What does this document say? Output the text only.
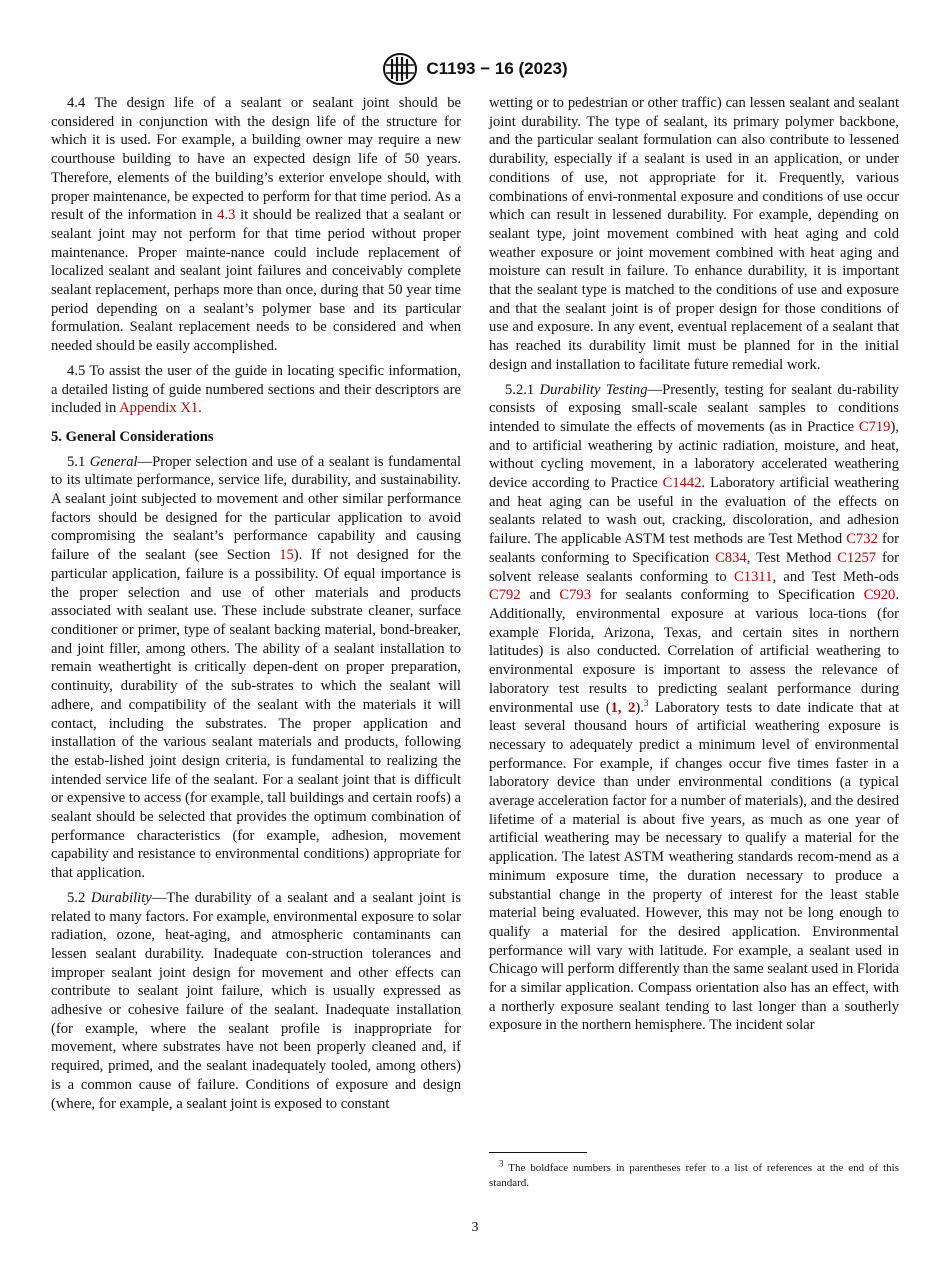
C1193 − 16 (2023)

4.4 The design life of a sealant or sealant joint should be considered in conjunction with the design life of the structure for which it is used. For example, a building owner may require a new courthouse building to have an expected design life of 50 years. Therefore, elements of the building’s exterior envelope should, with proper maintenance, be expected to perform for that time period. As a result of the information in 4.3 it should be realized that a sealant or sealant joint may not perform for that time period without proper maintenance. Proper mainte-nance could include replacement of localized sealant and sealant joint failures and conceivably complete sealant replacement, perhaps more than once, during that 50 year time period depending on a sealant’s polymer base and its particular formulation. Sealant replacement needs to be considered and when needed should be easily accomplished.

4.5 To assist the user of the guide in locating specific information, a detailed listing of guide numbered sections and their descriptors are included in Appendix X1.

5. General Considerations

5.1 General—Proper selection and use of a sealant is fundamental to its ultimate performance, service life, durability, and sustainability. A sealant joint subjected to movement and other similar performance factors should be designed for the particular application to avoid compromising the sealant’s performance capability and causing failure of the sealant (see Section 15). If not designed for the particular application, failure is a possibility. Of equal importance is the proper selection and use of other materials and products associated with sealant use. These include substrate cleaner, surface conditioner or primer, type of sealant backing material, bond-breaker, and joint filler, among others. The ability of a sealant installation to remain weathertight is critically depen-dent on proper preparation, continuity, durability of the sub-strates to which the sealant will adhere, and compatibility of the sealant with the materials it will contact, including the substrates. The proper application and installation of the various sealant materials and products, following the estab-lished joint design criteria, is fundamental to realizing the intended service life of the sealant. For a sealant joint that is difficult or expensive to access (for example, tall buildings and certain roofs) a sealant should be selected that provides the optimum combination of performance characteristics (for example, adhesion, movement capability and resistance to environmental conditions) appropriate for that application.

5.2 Durability—The durability of a sealant and a sealant joint is related to many factors. For example, environmental exposure to solar radiation, ozone, heat-aging, and atmospheric contaminants can lessen sealant durability. Inadequate con-struction tolerances and improper sealant joint design for movement and other effects can contribute to sealant joint failure, which is usually expressed as adhesive or cohesive failure of the sealant. Inadequate installation (for example, where the sealant profile is inappropriate for movement, where substrates have not been properly cleaned and, if required, primed, and the sealant inadequately tooled, among others) is a common cause of failure. Conditions of exposure and design (where, for example, a sealant joint is exposed to constant

wetting or to pedestrian or other traffic) can lessen sealant and sealant joint durability. The type of sealant, its primary polymer backbone, and the particular sealant formulation can also contribute to lessened durability, especially if a sealant is used in an application, or under conditions of use, not appropriate for it. Frequently, various combinations of envi-ronmental exposure and conditions of use occur which can result in lessened durability. For example, depending on sealant type, joint movement combined with heat aging and cold weather exposure or joint movement combined with heat aging and moisture can result in failure. To enhance durability, it is important that the sealant type is matched to the conditions of use and exposure and that the sealant joint is of proper design for those conditions of use and exposure. In any event, eventual replacement of a sealant that has reached its durability limit must be planned for in the initial design and installation to facilitate future remedial work.

5.2.1 Durability Testing—Presently, testing for sealant du-rability consists of exposing small-scale sealant samples to conditions intended to simulate the effects of movements (as in Practice C719), and to artificial weathering by actinic radiation, moisture, and heat, without cycling movement, in a laboratory accelerated weathering device according to Practice C1442. Laboratory artificial weathering and heat aging can be useful in the evaluation of the effects on sealants related to wash out, cracking, discoloration, and adhesion failure. The applicable ASTM test methods are Test Method C732 for sealants conforming to Specification C834, Test Method C1257 for solvent release sealants conforming to C1311, and Test Meth-ods C792 and C793 for sealants conforming to Specification C920. Additionally, environmental exposure at various loca-tions (for example Florida, Arizona, Texas, and certain sites in northern latitudes) is also conducted. Correlation of artificial weathering to environmental exposure is important to assess the relevance of laboratory test results to predicting sealant performance during environmental use (1, 2).$^3$ Laboratory tests to date indicate that at least several thousand hours of artificial weathering exposure is necessary to adequately predict a minimum level of environmental performance. For example, if changes occur five times faster in a laboratory device than under environmental conditions (a typical average acceleration factor for a number of materials), and the desired lifetime of a material is about five years, as much as one year of artificial weathering may be necessary to qualify a material for the application. The latest ASTM weathering standards recom-mend as a minimum exposure time, the duration necessary to produce a substantial change in the property of interest for the least stable material being evaluated. However, this may not be long enough to qualify a material for the desired application. Environmental performance will vary with latitude. For example, a sealant used in Chicago will perform differently than the same sealant used in Florida for a similar application. Compass orientation also has an effect, with a northerly exposure sealant tending to last longer than a southerly exposure in the northern hemisphere. The incident solar

$^3$ The boldface numbers in parentheses refer to a list of references at the end of this standard.

3
